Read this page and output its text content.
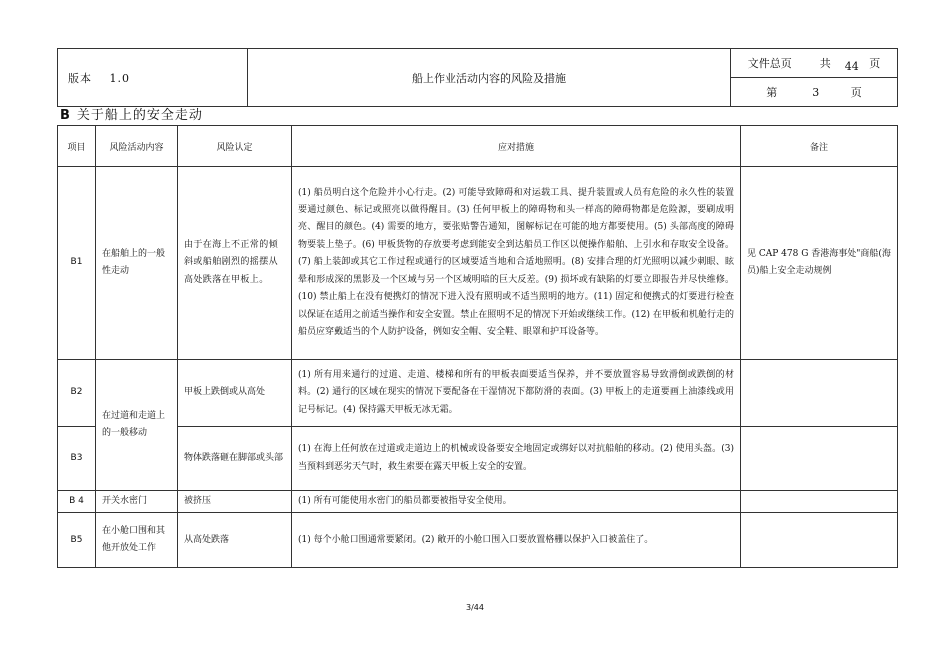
版本 1.0	船上作业活动内容的风险及措施	文件总页	共 44 页
第	3	页
B 关于船上的安全走动
项目	风险活动内容	风险认定	应对措施	备注
B1	在船舶上的一般性走动	由于在海上不正常的倾斜或船舶剧烈的摇摆从高处跌落在甲板上。	(1) 船员明白这个危险并小心行走。(2) 可能导致障碍和对运载工具、提升装置或人员有危险的永久性的装置要通过颜色、标记或照亮以做得醒目。(3) 任何甲板上的障碍物和头一样高的障碍物都是危险源，要刷成明亮、醒目的颜色。(4) 需要的地方，要张贴警告通知，图解标记在可能的地方都要使用。(5) 头部高度的障碍物要装上垫子。(6) 甲板货物的存放要考虑到能安全到达船员工作区以便操作船舶、上引水和存取安全设备。(7) 船上装卸或其它工作过程或通行的区域要适当地和合适地照明。(8) 安排合理的灯光照明以减少刺眼、眩晕和形成深的黑影及一个区域与另一个区域明暗的巨大反差。(9) 损坏或有缺陷的灯要立即报告并尽快维修。(10) 禁止船上在没有便携灯的情况下进入没有照明或不适当照明的地方。(11) 固定和便携式的灯要进行检查以保证在适用之前适当操作和安全安置。禁止在照明不足的情况下开始或继续工作。(12) 在甲板和机舱行走的船员应穿戴适当的个人防护设备，例如安全帽、安全鞋、眼罩和护耳设备等。	见 CAP 478 G 香港海事处"商船(海员)船上安全走动规例
B2	在过道和走道上的一般移动	甲板上跌倒或从高处	(1) 所有用来通行的过道、走道、楼梯和所有的甲板表面要适当保养，并不要放置容易导致滑倒或跌倒的材料。(2) 通行的区域在现实的情况下要配备在干湿情况下都防滑的表面。(3) 甲板上的走道要画上油漆线或用记号标记。(4) 保持露天甲板无冰无霜。	
B3		物体跌落砸在脚部或头部	(1) 在海上任何放在过道或走道边上的机械或设备要安全地固定或绑好以对抗船舶的移动。(2) 使用头盔。(3) 当预料到恶劣天气时，救生索要在露天甲板上安全的安置。	
B 4	开关水密门	被挤压	(1) 所有可能使用水密门的船员都要被指导安全使用。	
B5	在小舱口围和其他开放处工作	从高处跌落	(1) 每个小舱口围通常要紧闭。(2) 敞开的小舱口围入口要放置格栅以保护入口被盖住了。	
3/44
